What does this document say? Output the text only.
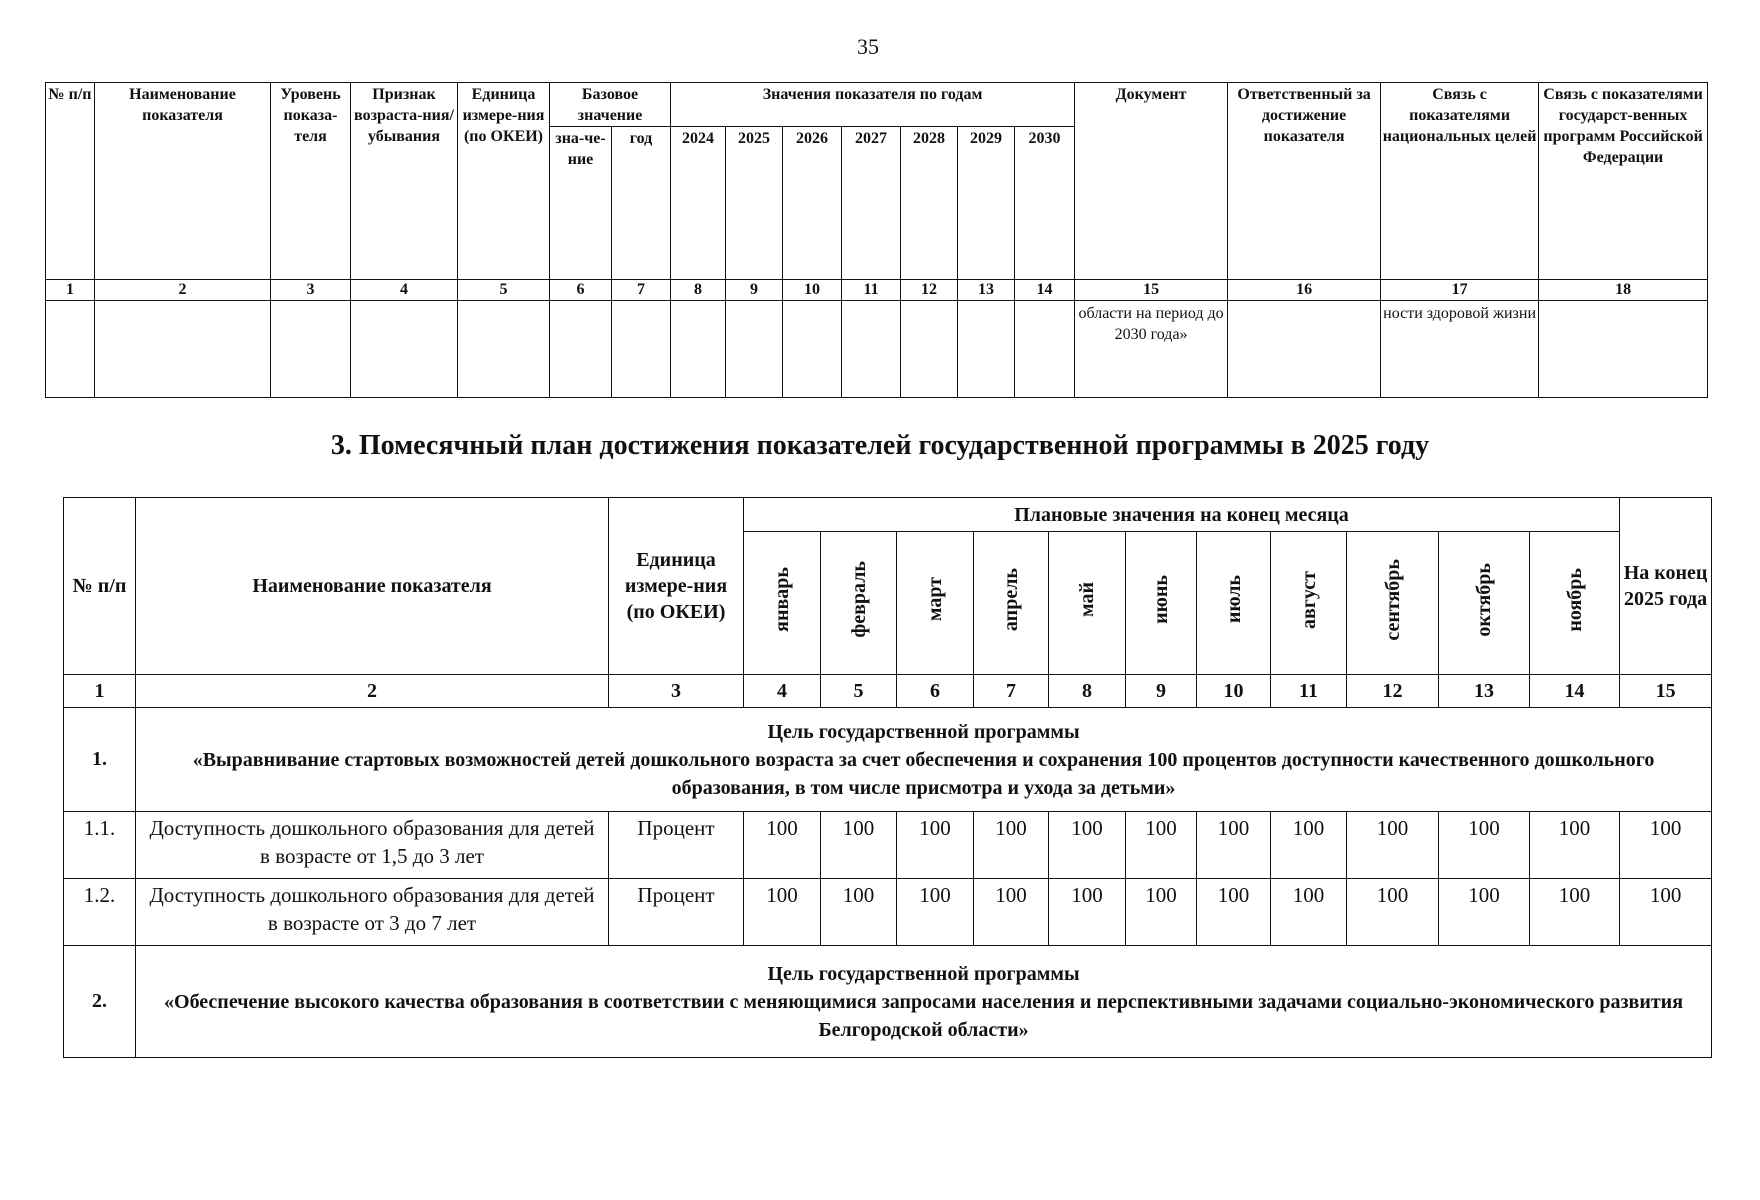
35
№ п/п	Наименование показателя	Уровень показа-теля	Признак возраста-ния/ убывания	Единица измере-ния (по ОКЕИ)	Базовое значение		Значения показателя по годам							Документ	Ответственный за достижение показателя	Связь с показателями национальных целей	Связь с показателями государст-венных программ Российской Федерации
					зна-че-ние	год	2024	2025	2026	2027	2028	2029	2030				
1	2	3	4	5	6	7	8	9	10	11	12	13	14	15	16	17	18
														области на период до 2030 года»		ности здоровой жизни	
3. Помесячный план достижения показателей государственной программы в 2025 году
№ п/п	Наименование показателя	Единица измере-ния (по ОКЕИ)	Плановые значения на конец месяца											На конец 2025 года
			январь	февраль	март	апрель	май	июнь	июль	август	сентябрь	октябрь	ноябрь	
1	2	3	4	5	6	7	8	9	10	11	12	13	14	15
1.	Цель государственной программы
«Выравнивание стартовых возможностей детей дошкольного возраста за счет обеспечения и сохранения 100 процентов доступности качественного дошкольного образования, в том числе присмотра и ухода за детьми»													

1.1.	Доступность дошкольного образования для детей в возрасте от 1,5 до 3 лет	Процент	100	100	100	100	100	100	100	100	100	100	100	100
1.2.	Доступность дошкольного образования для детей в возрасте от 3 до 7 лет	Процент	100	100	100	100	100	100	100	100	100	100	100	100
2.	Цель государственной программы
«Обеспечение высокого качества образования в соответствии с меняющимися запросами населения и перспективными задачами социально-экономического развития Белгородской области»													
